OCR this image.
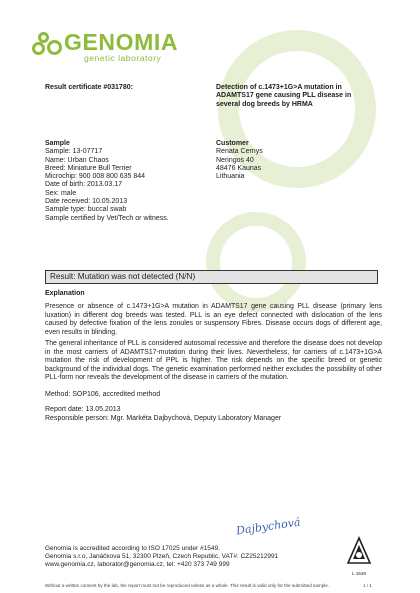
GENOMIA
genetic laboratory
Result certificate #031780:	Detection of c.1473+1G>A mutation in ADAMTS17 gene causing PLL disease in several dog breeds by HRMA
Sample
Sample: 13-07717
Name: Urban Chaos
Breed: Miniature Bull Terrier
Microchip: 900 008 800 635 844
Date of birth: 2013.03.17
Sex: male
Date received: 10.05.2013
Sample type: buccal swab
Sample certified by Vet/Tech or witness.
Customer
Renata Cernys
Neringos 40
48476 Kaunas
Lithuania
Result: Mutation was not detected (N/N)
Explanation
Presence or absence of c.1473+1G>A mutation in ADAMTS17 gene causing PLL disease (primary lens luxation) in different dog breeds was tested. PLL is an eye defect connected with dislocation of the lens caused by defective fixation of the lens zonules or suspensory Fibres. Disease occurs dogs of different age, even results in blinding.
The general inheritance of PLL is considered autosomal recessive and therefore the disease does not develop in the most carriers of ADAMTS17-mutation during their lives. Nevertheless, for carriers of c.1473+1G>A mutation the risk of development of PPL is higher. The risk depends on the specific breed or genetic background of the individual dogs. The genetic examination performed neither excludes the possibility of other PLL-form nor reveals the development of the disease in carriers of the mutation.
Method: SOP106, accredited method
Report date: 13.05.2013
Responsible person: Mgr. Markéta Dajbychová, Deputy Laboratory Manager
Dajbychová
Genomia is accredited according to ISO 17025 under #1549.
Genomia s.r.o, Janáčkova 51, 32300 Plzeň, Czech Republic, VAT#: CZ25212991
www.genomia.cz, laborator@genomia.cz, tel: +420 373 749 999
L 1549
Without a written consent by the lab, the report must not be reproduced unless as a whole. This result is valid only for the submitted sample.	1 / 1
